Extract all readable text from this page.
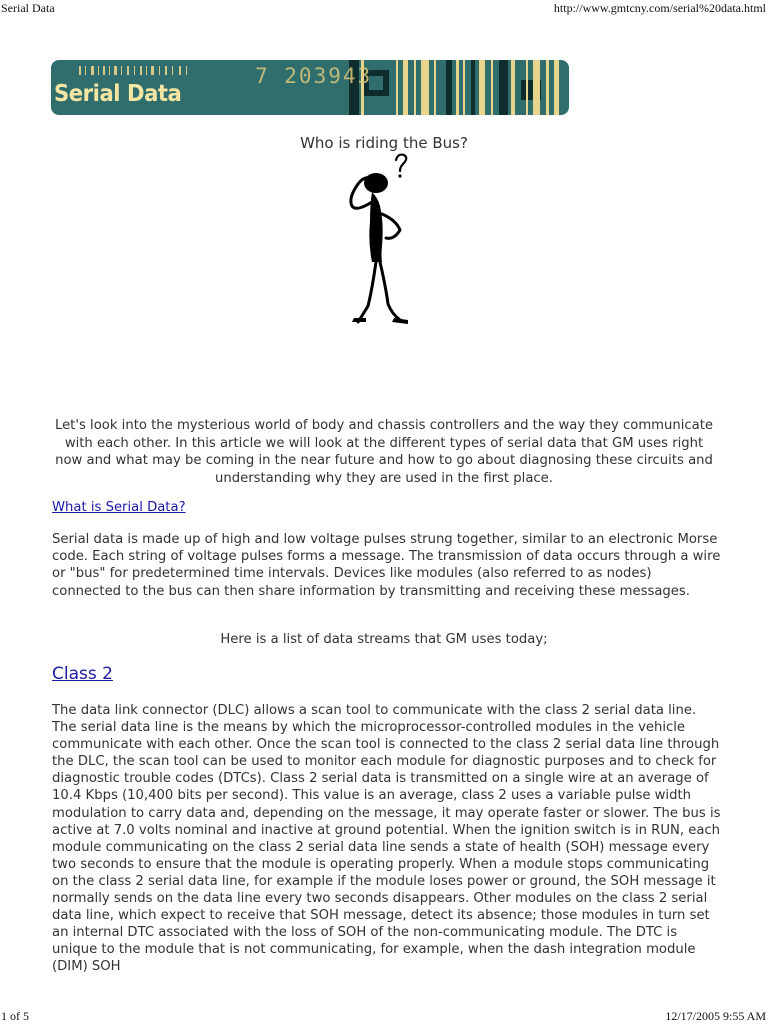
Serial Data	http://www.gmtcny.com/serial%20data.html
7 203943
Serial Data
Who is riding the Bus?
Let's look into the mysterious world of body and chassis controllers and the way they communicate with each other. In this article we will look at the different types of serial data that GM uses right now and what may be coming in the near future and how to go about diagnosing these circuits and understanding why they are used in the first place.
What is Serial Data?
Serial data is made up of high and low voltage pulses strung together, similar to an electronic Morse code. Each string of voltage pulses forms a message. The transmission of data occurs through a wire or "bus" for predetermined time intervals. Devices like modules (also referred to as nodes) connected to the bus can then share information by transmitting and receiving these messages.
Here is a list of data streams that GM uses today;
Class 2
The data link connector (DLC) allows a scan tool to communicate with the class 2 serial data line. The serial data line is the means by which the microprocessor-controlled modules in the vehicle communicate with each other. Once the scan tool is connected to the class 2 serial data line through the DLC, the scan tool can be used to monitor each module for diagnostic purposes and to check for diagnostic trouble codes (DTCs). Class 2 serial data is transmitted on a single wire at an average of 10.4 Kbps (10,400 bits per second). This value is an average, class 2 uses a variable pulse width modulation to carry data and, depending on the message, it may operate faster or slower. The bus is active at 7.0 volts nominal and inactive at ground potential. When the ignition switch is in RUN, each module communicating on the class 2 serial data line sends a state of health (SOH) message every two seconds to ensure that the module is operating properly. When a module stops communicating on the class 2 serial data line, for example if the module loses power or ground, the SOH message it normally sends on the data line every two seconds disappears. Other modules on the class 2 serial data line, which expect to receive that SOH message, detect its absence; those modules in turn set an internal DTC associated with the loss of SOH of the non-communicating module. The DTC is unique to the module that is not communicating, for example, when the dash integration module (DIM) SOH
1 of 5	12/17/2005 9:55 AM
